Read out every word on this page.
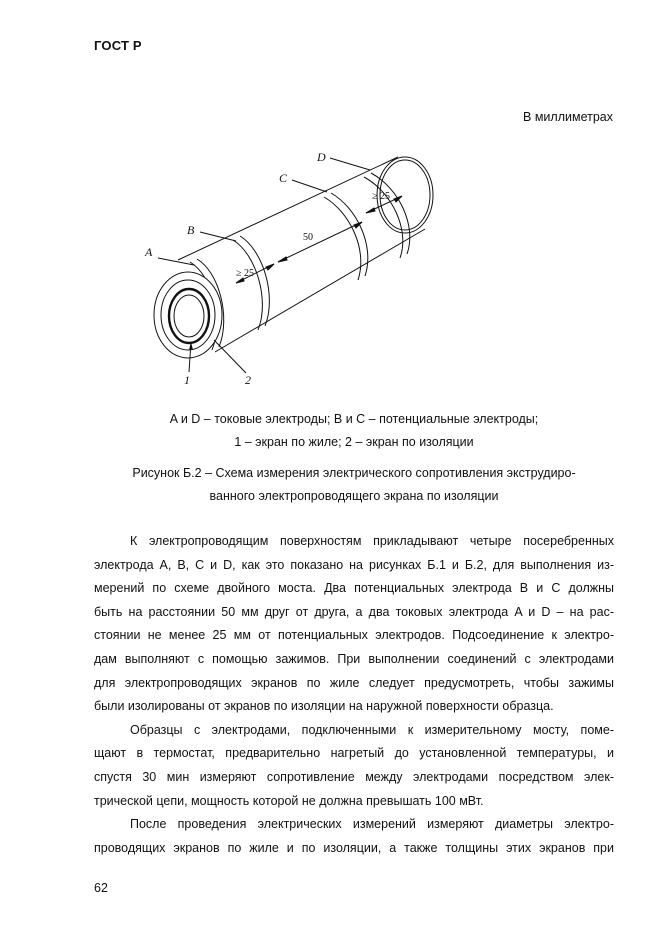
ГОСТ Р
В миллиметрах
A
B
C
D
1	2
≥ 25
50
≥ 25
A и D – токовые электроды; B и C – потенциальные электроды;
1 – экран по жиле; 2 – экран по изоляции
Рисунок Б.2 – Схема измерения электрического сопротивления экструдиро-
ванного электропроводящего экрана по изоляции

К электропроводящим поверхностям прикладывают четыре посеребренных
электрода A, B, C и D, как это показано на рисунках Б.1 и Б.2, для выполнения из-
мерений по схеме двойного моста. Два потенциальных электрода B и C должны
быть на расстоянии 50 мм друг от друга, а два токовых электрода A и D – на рас-
стоянии не менее 25 мм от потенциальных электродов. Подсоединение к электро-
дам выполняют с помощью зажимов. При выполнении соединений с электродами
для электропроводящих экранов по жиле следует предусмотреть, чтобы зажимы
были изолированы от экранов по изоляции на наружной поверхности образца.

Образцы с электродами, подключенными к измерительному мосту, поме-
щают в термостат, предварительно нагретый до установленной температуры, и
спустя 30 мин измеряют сопротивление между электродами посредством элек-
трической цепи, мощность которой не должна превышать 100 мВт.

После проведения электрических измерений измеряют диаметры электро-
проводящих экранов по жиле и по изоляции, а также толщины этих экранов при

62
